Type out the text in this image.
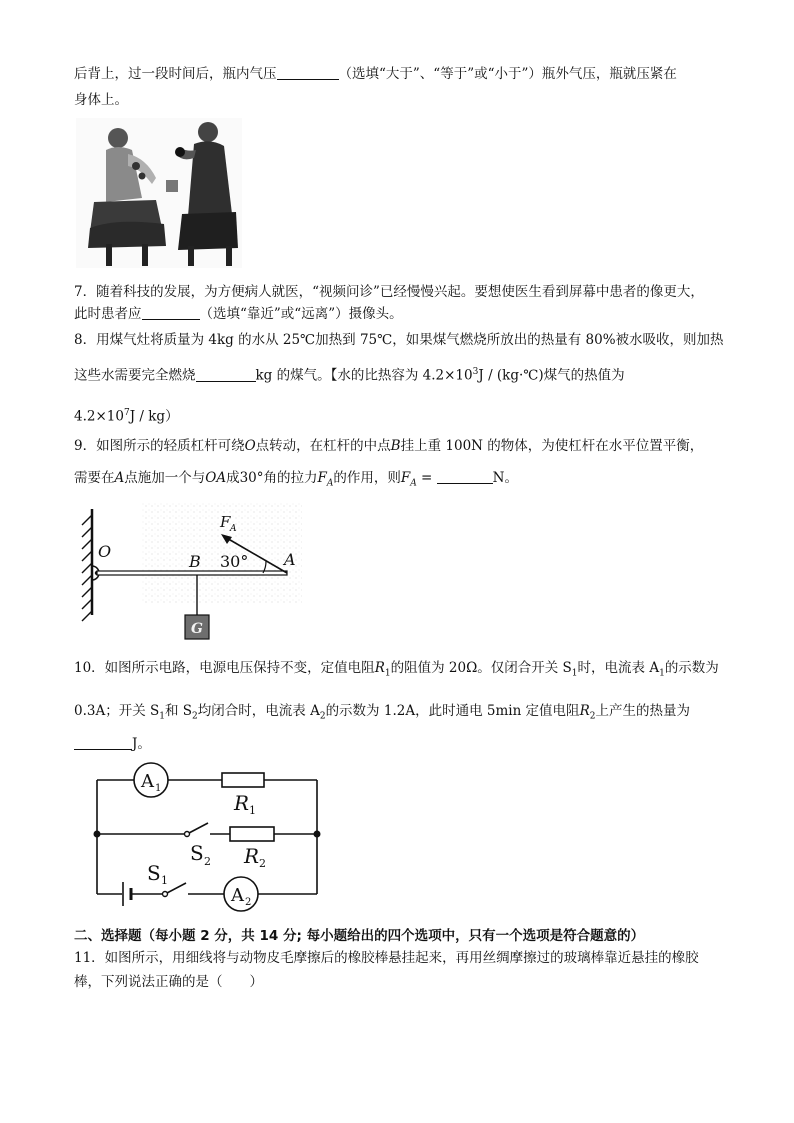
后背上，过一段时间后，瓶内气压	（选填“大于”、“等于”或“小于”）瓶外气压，瓶就压紧在
身体上。
7．随着科技的发展，为方便病人就医，“视频问诊”已经慢慢兴起。要想使医生看到屏幕中患者的像更大，
此时患者应	（选填“靠近”或“远离”）摄像头。
8．用煤气灶将质量为 4kg 的水从 25℃加热到 75℃，如果煤气燃烧所放出的热量有 80%被水吸收，则加热
这些水需要完全燃烧	kg 的煤气。【水的比热容为 $4.2\times 10^3J$ / (kg·℃)煤气的热值为
$4.2\times 10^7J / kg$）
9．如图所示的轻质杠杆可绕O点转动，在杠杆的中点B挂上重 100N 的物体，为使杠杆在水平位置平衡，
需要在A点施加一个与OA成30°角的拉力$F_A$的作用，则$F_A$ =	N。
G
F A
O
B 30° A
10．如图所示电路，电源电压保持不变，定值电阻$R_1$的阻值为 20Ω。仅闭合开关 $S_1$时，电流表 $A_1$的示数为
0.3A；开关 $S_1$和 $S_2$均闭合时，电流表 $A_2$的示数为 1.2A，此时通电 5min 定值电阻$R_2$上产生的热量为
J。
A 1
R 1
S 2 R 2
S 1
A 2
二、选择题（每小题 2 分，共 14 分; 每小题给出的四个选项中，只有一个选项是符合题意的）
11．如图所示，用细线将与动物皮毛摩擦后的橡胶棒悬挂起来，再用丝绸摩擦过的玻璃棒靠近悬挂的橡胶
棒，下列说法正确的是（　　）
